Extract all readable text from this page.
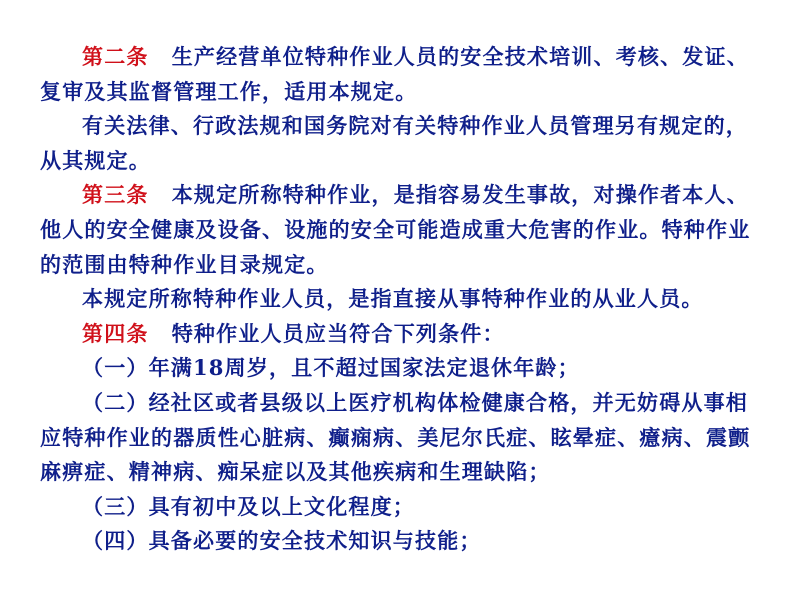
第二条 生产经营单位特种作业人员的安全技术培训、考核、发证、复审及其监督管理工作，适用本规定。

有关法律、行政法规和国务院对有关特种作业人员管理另有规定的，从其规定。

第三条 本规定所称特种作业，是指容易发生事故，对操作者本人、他人的安全健康及设备、设施的安全可能造成重大危害的作业。特种作业的范围由特种作业目录规定。

本规定所称特种作业人员，是指直接从事特种作业的从业人员。

第四条 特种作业人员应当符合下列条件：

（一）年满18周岁，且不超过国家法定退休年龄；

（二）经社区或者县级以上医疗机构体检健康合格，并无妨碍从事相应特种作业的器质性心脏病、癫痫病、美尼尔氏症、眩晕症、癔病、震颤麻痹症、精神病、痴呆症以及其他疾病和生理缺陷；

（三）具有初中及以上文化程度；

（四）具备必要的安全技术知识与技能；
